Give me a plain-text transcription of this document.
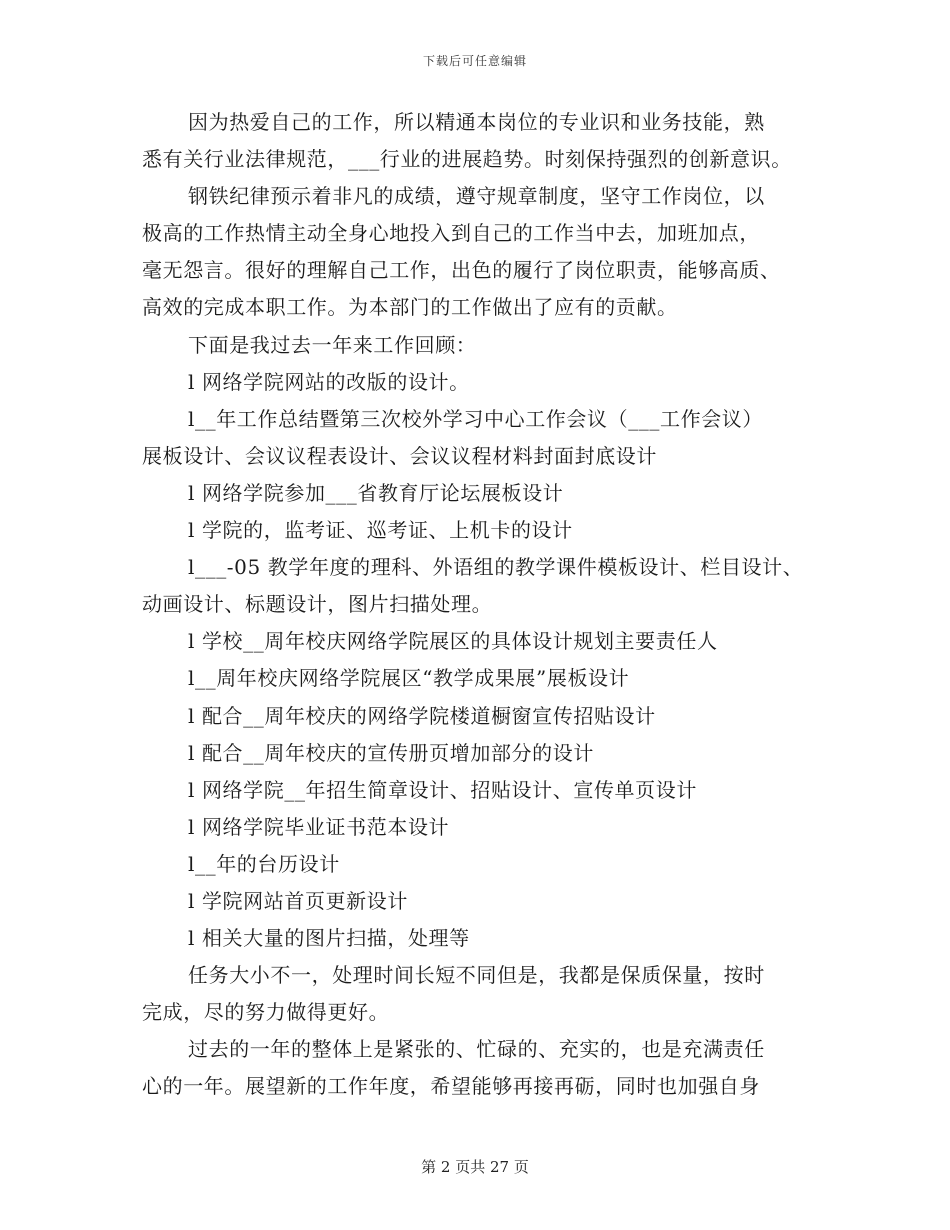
下载后可任意编辑
因为热爱自己的工作，所以精通本岗位的专业识和业务技能，熟
悉有关行业法律规范，___行业的进展趋势。时刻保持强烈的创新意识。
钢铁纪律预示着非凡的成绩，遵守规章制度，坚守工作岗位，以
极高的工作热情主动全身心地投入到自己的工作当中去，加班加点，
毫无怨言。很好的理解自己工作，出色的履行了岗位职责，能够高质、
高效的完成本职工作。为本部门的工作做出了应有的贡献。
下面是我过去一年来工作回顾：
l 网络学院网站的改版的设计。
l__年工作总结暨第三次校外学习中心工作会议（___工作会议）
展板设计、会议议程表设计、会议议程材料封面封底设计
l 网络学院参加___省教育厅论坛展板设计
l 学院的，监考证、巡考证、上机卡的设计
l___-05 教学年度的理科、外语组的教学课件模板设计、栏目设计、
动画设计、标题设计，图片扫描处理。
l 学校__周年校庆网络学院展区的具体设计规划主要责任人
l__周年校庆网络学院展区“教学成果展”展板设计
l 配合__周年校庆的网络学院楼道橱窗宣传招贴设计
l 配合__周年校庆的宣传册页增加部分的设计
l 网络学院__年招生简章设计、招贴设计、宣传单页设计
l 网络学院毕业证书范本设计
l__年的台历设计
l 学院网站首页更新设计
l 相关大量的图片扫描，处理等
任务大小不一，处理时间长短不同但是，我都是保质保量，按时
完成，尽的努力做得更好。
过去的一年的整体上是紧张的、忙碌的、充实的，也是充满责任
心的一年。展望新的工作年度，希望能够再接再砺，同时也加强自身
第 2 页共 27 页
